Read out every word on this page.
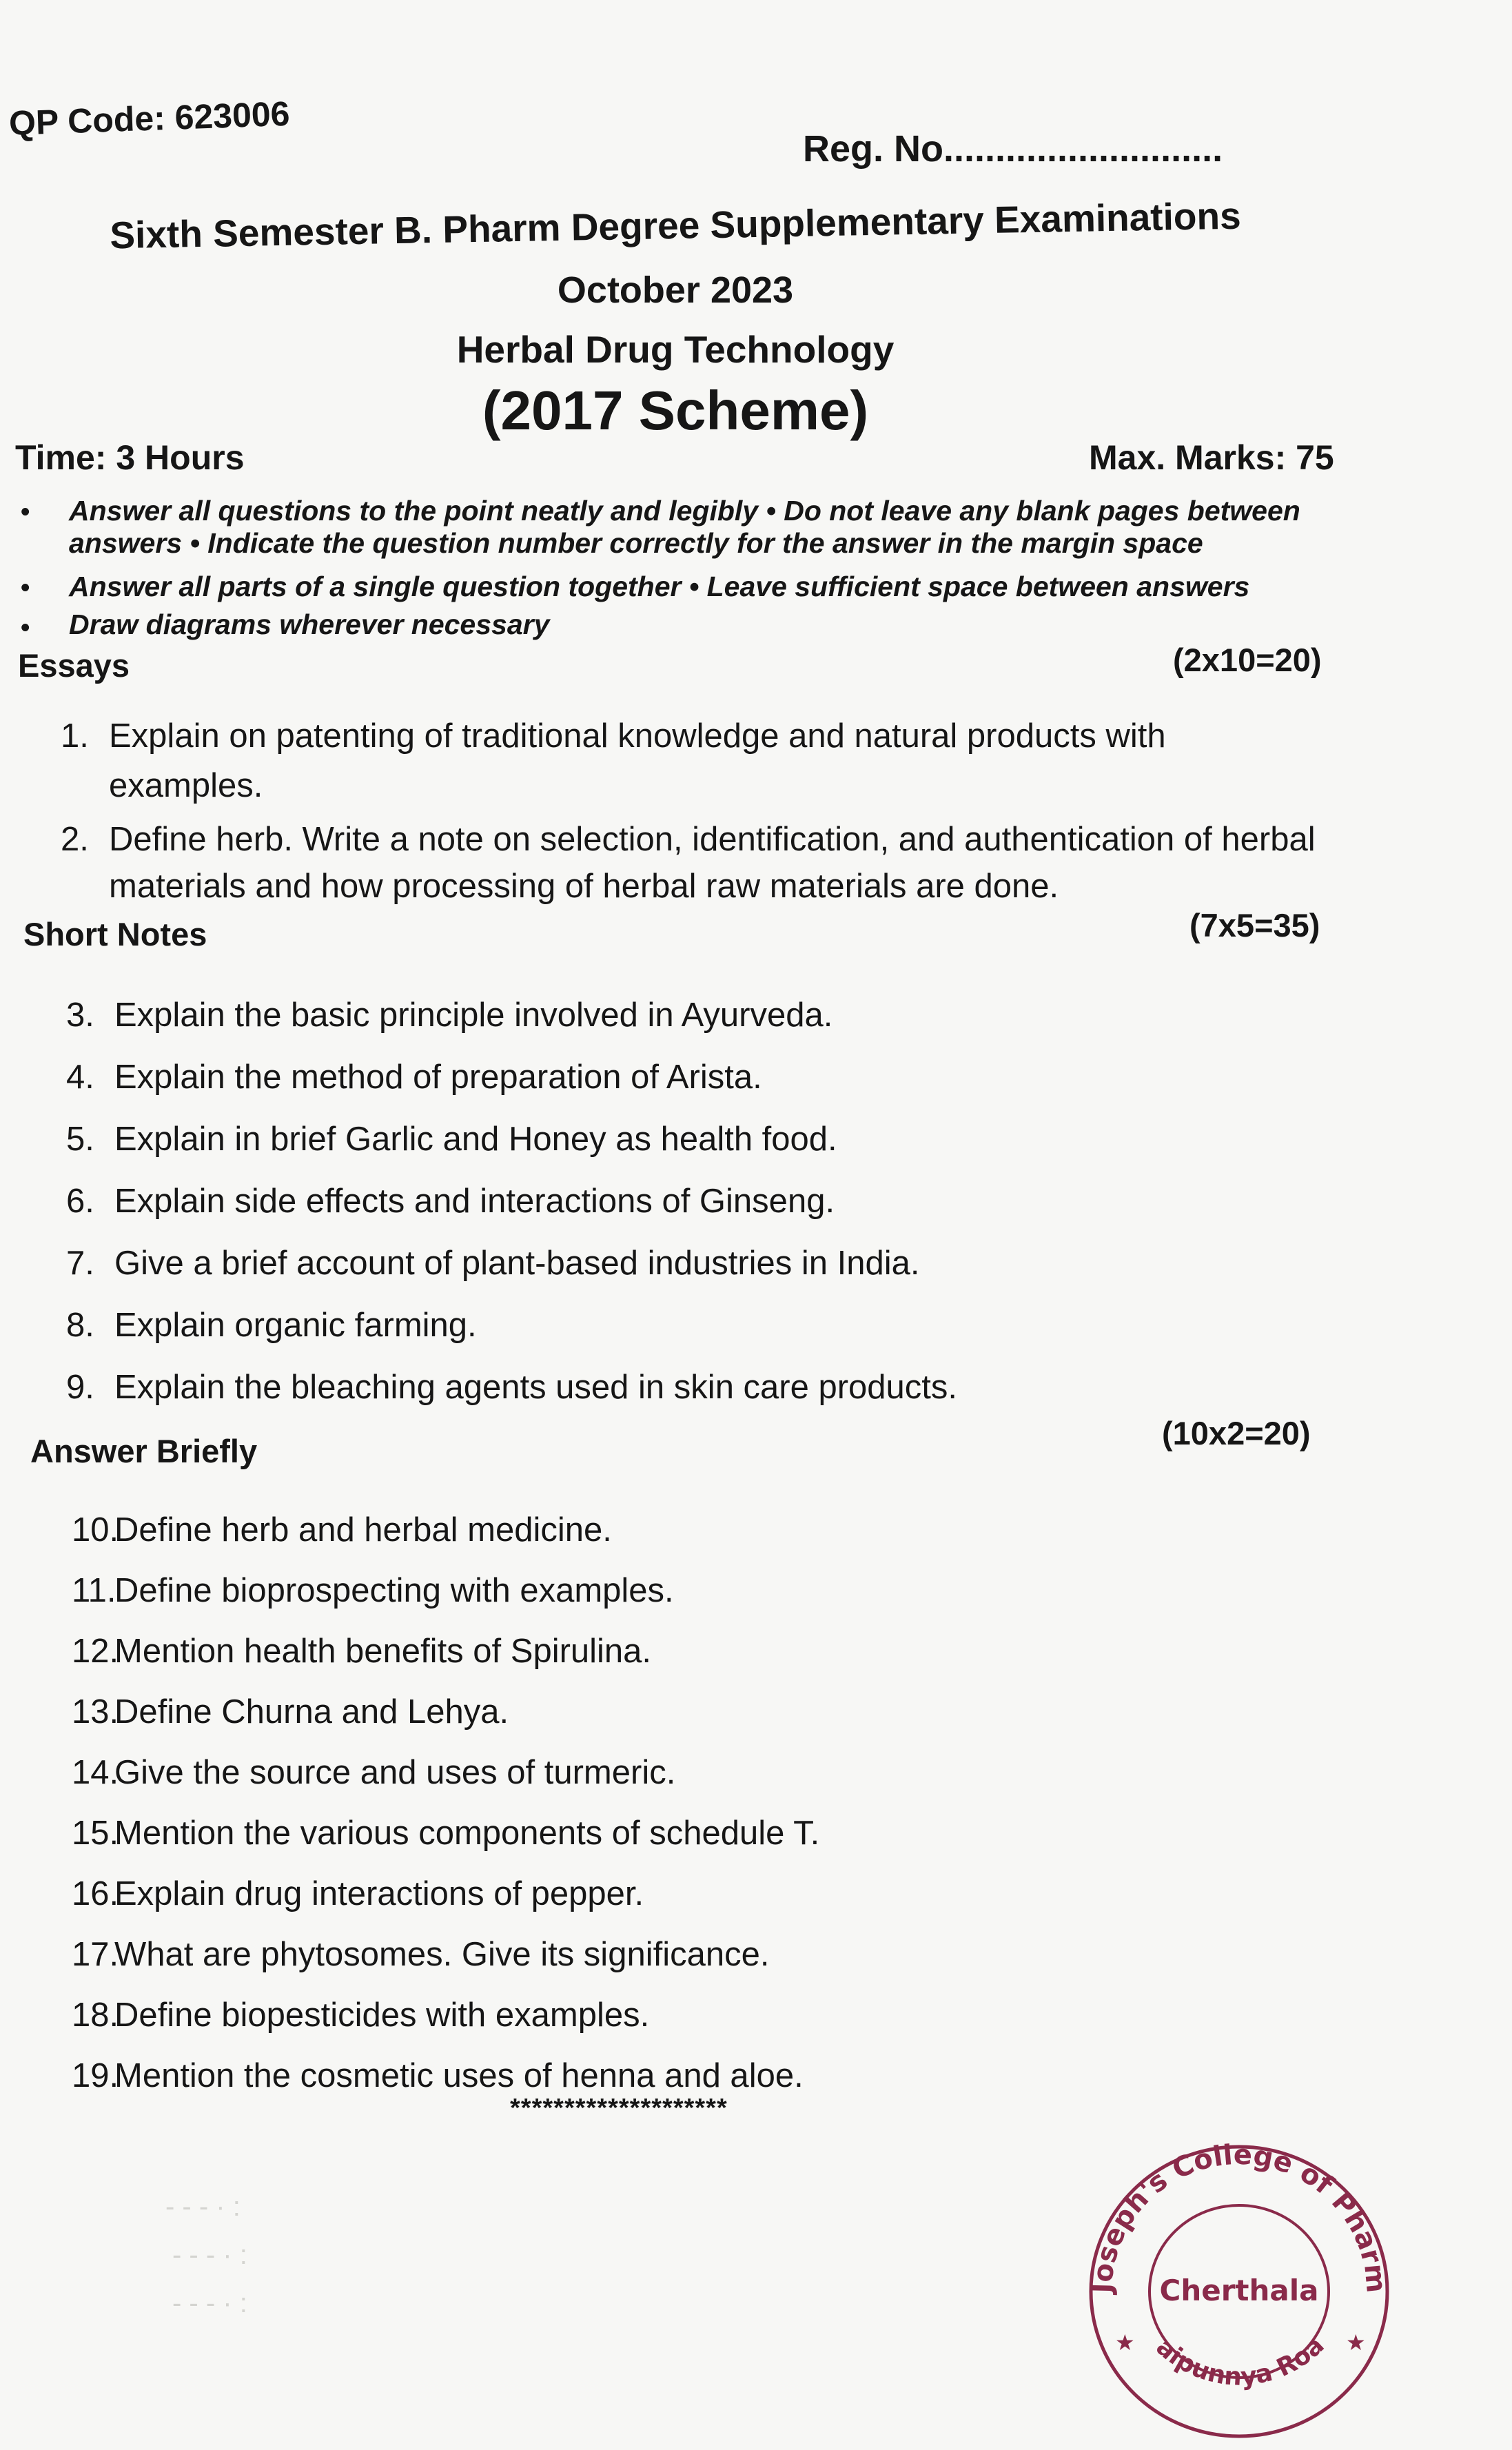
QP Code: 623006
Reg. No...........................
Sixth Semester B. Pharm Degree Supplementary Examinations
October 2023
Herbal Drug Technology
(2017 Scheme)
Time: 3 Hours	Max. Marks: 75
• Answer all questions to the point neatly and legibly • Do not leave any blank pages between
answers • Indicate the question number correctly for the answer in the margin space
• Answer all parts of a single question together • Leave sufficient space between answers
• Draw diagrams wherever necessary
Essays	(2x10=20)
1. Explain on patenting of traditional knowledge and natural products with
examples.
2. Define herb. Write a note on selection, identification, and authentication of herbal
materials and how processing of herbal raw materials are done.
Short Notes	(7x5=35)
3. Explain the basic principle involved in Ayurveda.
4. Explain the method of preparation of Arista.
5. Explain in brief Garlic and Honey as health food.
6. Explain side effects and interactions of Ginseng.
7. Give a brief account of plant-based industries in India.
8. Explain organic farming.
9. Explain the bleaching agents used in skin care products.
Answer Briefly	(10x2=20)
10.Define herb and herbal medicine.
11.Define bioprospecting with examples.
12.Mention health benefits of Spirulina.
13.Define Churna and Lehya.
14.Give the source and uses of turmeric.
15.Mention the various components of schedule T.
16.Explain drug interactions of pepper.
17.What are phytosomes. Give its significance.
18.Define biopesticides with examples.
19.Mention the cosmetic uses of henna and aloe.
********************
- - - · :
- - - · :
- - - · :
Joseph's College of Pharm
aipunnya Roa
★	★
Cherthala
